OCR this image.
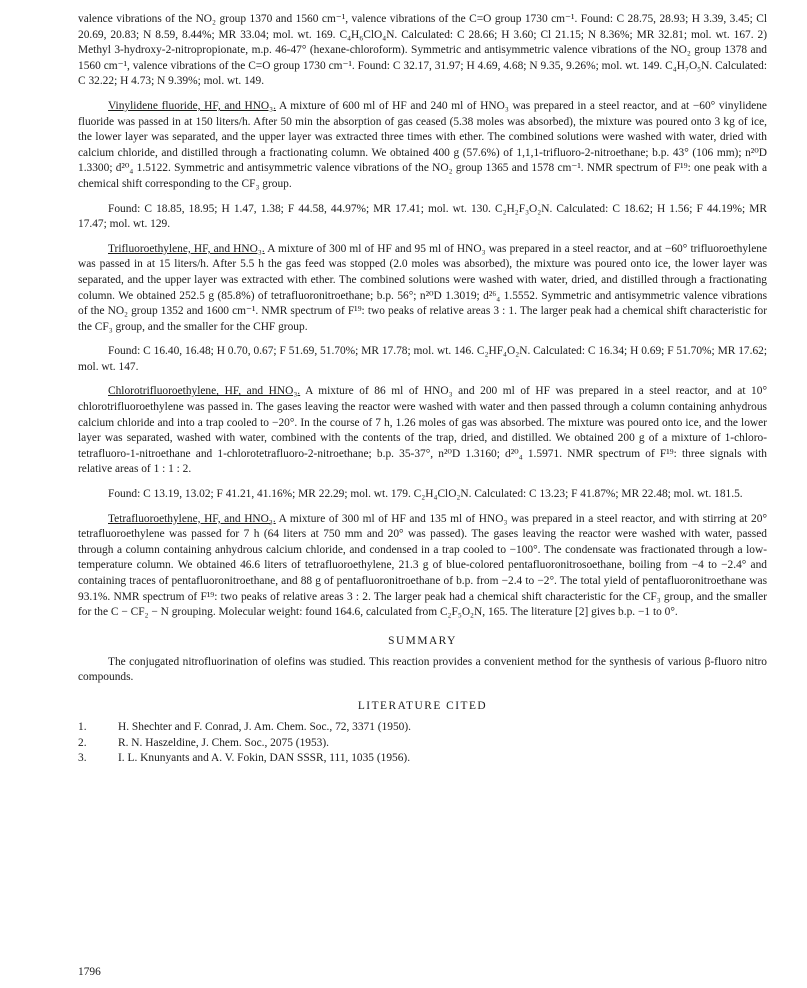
valence vibrations of the NO₂ group 1370 and 1560 cm⁻¹, valence vibrations of the C=O group 1730 cm⁻¹. Found: C 28.75, 28.93; H 3.39, 3.45; Cl 20.69, 20.83; N 8.59, 8.44%; MR 33.04; mol. wt. 169. C₄H₆ClO₄N. Calculated: C 28.66; H 3.60; Cl 21.15; N 8.36%; MR 32.81; mol. wt. 167. 2) Methyl 3-hydroxy-2-nitropropionate, m.p. 46-47° (hexane-chloroform). Symmetric and antisymmetric valence vibrations of the NO₂ group 1378 and 1560 cm⁻¹, valence vibrations of the C=O group 1730 cm⁻¹. Found: C 32.17, 31.97; H 4.69, 4.68; N 9.35, 9.26%; mol. wt. 149. C₄H₇O₅N. Calculated: C 32.22; H 4.73; N 9.39%; mol. wt. 149.

Vinylidene fluoride, HF, and HNO₃. A mixture of 600 ml of HF and 240 ml of HNO₃ was prepared in a steel reactor, and at −60° vinylidene fluoride was passed in at 150 liters/h. After 50 min the absorption of gas ceased (5.38 moles was absorbed), the mixture was poured onto 3 kg of ice, the lower layer was separated, and the upper layer was extracted three times with ether. The combined solutions were washed with water, dried with calcium chloride, and distilled through a fractionating column. We obtained 400 g (57.6%) of 1,1,1-trifluoro-2-nitroethane; b.p. 43° (106 mm); n²⁰D 1.3300; d²⁰₄ 1.5122. Symmetric and antisymmetric valence vibrations of the NO₂ group 1365 and 1578 cm⁻¹. NMR spectrum of F¹⁹: one peak with a chemical shift corresponding to the CF₃ group.

Found: C 18.85, 18.95; H 1.47, 1.38; F 44.58, 44.97%; MR 17.41; mol. wt. 130. C₂H₂F₃O₂N. Calculated: C 18.62; H 1.56; F 44.19%; MR 17.47; mol. wt. 129.

Trifluoroethylene, HF, and HNO₃. A mixture of 300 ml of HF and 95 ml of HNO₃ was prepared in a steel reactor, and at −60° trifluoroethylene was passed in at 15 liters/h. After 5.5 h the gas feed was stopped (2.0 moles was absorbed), the mixture was poured onto ice, the lower layer was separated, and the upper layer was extracted with ether. The combined solutions were washed with water, dried, and distilled through a fractionating column. We obtained 252.5 g (85.8%) of tetrafluoronitroethane; b.p. 56°; n²⁰D 1.3019; d²⁶₄ 1.5552. Symmetric and antisymmetric valence vibrations of the NO₂ group 1352 and 1600 cm⁻¹. NMR spectrum of F¹⁹: two peaks of relative areas 3 : 1. The larger peak had a chemical shift characteristic for the CF₃ group, and the smaller for the CHF group.

Found: C 16.40, 16.48; H 0.70, 0.67; F 51.69, 51.70%; MR 17.78; mol. wt. 146. C₂HF₄O₂N. Calculated: C 16.34; H 0.69; F 51.70%; MR 17.62; mol. wt. 147.

Chlorotrifluoroethylene, HF, and HNO₃. A mixture of 86 ml of HNO₃ and 200 ml of HF was prepared in a steel reactor, and at 10° chlorotrifluoroethylene was passed in. The gases leaving the reactor were washed with water and then passed through a column containing anhydrous calcium chloride and into a trap cooled to −20°. In the course of 7 h, 1.26 moles of gas was absorbed. The mixture was poured onto ice, and the lower layer was separated, washed with water, combined with the contents of the trap, dried, and distilled. We obtained 200 g of a mixture of 1-chloro-tetrafluoro-1-nitroethane and 1-chlorotetrafluoro-2-nitroethane; b.p. 35-37°, n²⁰D 1.3160; d²⁰₄ 1.5971. NMR spectrum of F¹⁹: three signals with relative areas of 1 : 1 : 2.

Found: C 13.19, 13.02; F 41.21, 41.16%; MR 22.29; mol. wt. 179. C₂H₄ClO₂N. Calculated: C 13.23; F 41.87%; MR 22.48; mol. wt. 181.5.

Tetrafluoroethylene, HF, and HNO₃. A mixture of 300 ml of HF and 135 ml of HNO₃ was prepared in a steel reactor, and with stirring at 20° tetrafluoroethylene was passed for 7 h (64 liters at 750 mm and 20° was passed). The gases leaving the reactor were washed with water, passed through a column containing anhydrous calcium chloride, and condensed in a trap cooled to −100°. The condensate was fractionated through a low-temperature column. We obtained 46.6 liters of tetrafluoroethylene, 21.3 g of blue-colored pentafluoronitrosoethane, boiling from −4 to −2.4° and containing traces of pentafluoronitroethane, and 88 g of pentafluoronitroethane of b.p. from −2.4 to −2°. The total yield of pentafluoronitroethane was 93.1%. NMR spectrum of F¹⁹: two peaks of relative areas 3 : 2. The larger peak had a chemical shift characteristic for the CF₃ group, and the smaller for the C − CF₂ − N grouping. Molecular weight: found 164.6, calculated from C₂F₅O₂N, 165. The literature [2] gives b.p. −1 to 0°.

SUMMARY

The conjugated nitrofluorination of olefins was studied. This reaction provides a convenient method for the synthesis of various β-fluoro nitro compounds.

LITERATURE CITED
1.	H. Shechter and F. Conrad, J. Am. Chem. Soc., 72, 3371 (1950).
2.	R. N. Haszeldine, J. Chem. Soc., 2075 (1953).
3.	I. L. Knunyants and A. V. Fokin, DAN SSSR, 111, 1035 (1956).
1796
